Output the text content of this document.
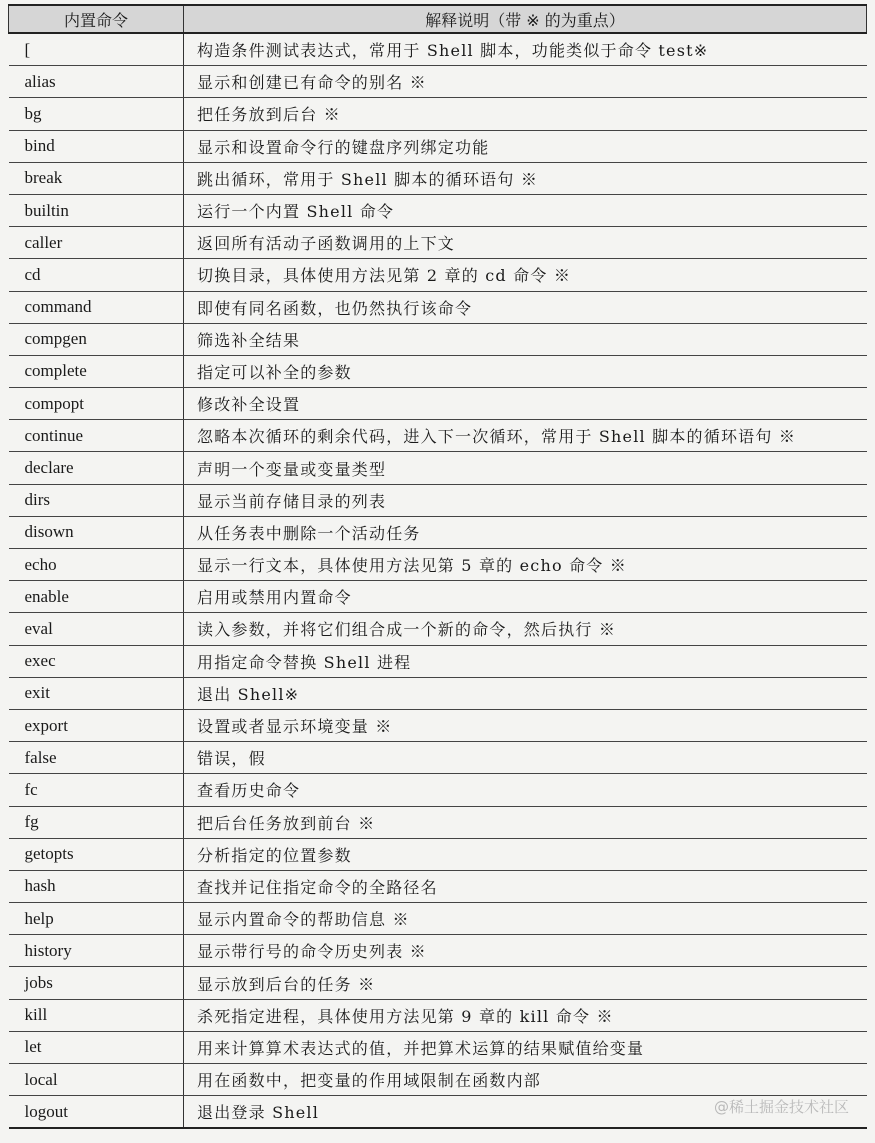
内置命令	解释说明（带 ※ 的为重点）
[	构造条件测试表达式，常用于 Shell 脚本，功能类似于命令 test※
alias	显示和创建已有命令的别名 ※
bg	把任务放到后台 ※
bind	显示和设置命令行的键盘序列绑定功能
break	跳出循环，常用于 Shell 脚本的循环语句 ※
builtin	运行一个内置 Shell 命令
caller	返回所有活动子函数调用的上下文
cd	切换目录，具体使用方法见第 2 章的 cd 命令 ※
command	即使有同名函数，也仍然执行该命令
compgen	筛选补全结果
complete	指定可以补全的参数
compopt	修改补全设置
continue	忽略本次循环的剩余代码，进入下一次循环，常用于 Shell 脚本的循环语句 ※
declare	声明一个变量或变量类型
dirs	显示当前存储目录的列表
disown	从任务表中删除一个活动任务
echo	显示一行文本，具体使用方法见第 5 章的 echo 命令 ※
enable	启用或禁用内置命令
eval	读入参数，并将它们组合成一个新的命令，然后执行 ※
exec	用指定命令替换 Shell 进程
exit	退出 Shell※
export	设置或者显示环境变量 ※
false	错误，假
fc	查看历史命令
fg	把后台任务放到前台 ※
getopts	分析指定的位置参数
hash	查找并记住指定命令的全路径名
help	显示内置命令的帮助信息 ※
history	显示带行号的命令历史列表 ※
jobs	显示放到后台的任务 ※
kill	杀死指定进程，具体使用方法见第 9 章的 kill 命令 ※
let	用来计算算术表达式的值，并把算术运算的结果赋值给变量
local	用在函数中，把变量的作用域限制在函数内部
logout	退出登录 Shell	@稀土掘金技术社区
